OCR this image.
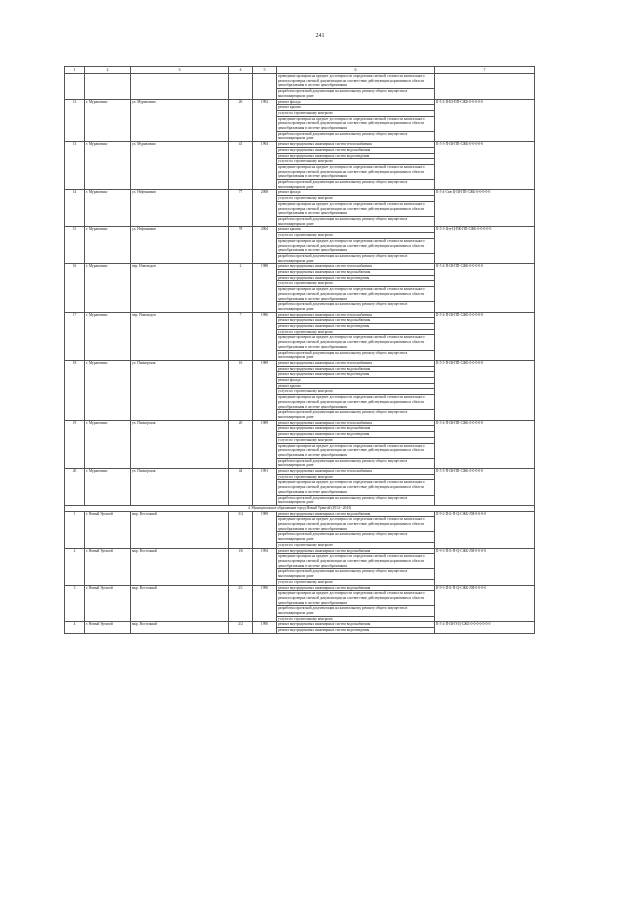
241
1	2	3	4	5	6	7
					проведение проверки на предмет достоверности определения сметной стоимости капитального ремонта проверка сметной документации на соответствие действующим нормативам в области ценообразования в системе ценообразования	
					разработка проектной документации на капитальному ремонту общего имущества в многоквартирном доме	
12	г. Муравленко	ул. Муравленко	26	1992	ремонт фасада	II-5-2-II-Ш-ПП-СЖБ-0-0-0-0-0
					ремонт крыши	
					услуги по строительному контролю	
					проведение проверки на предмет достоверности определения сметной стоимости капитального ремонта проверка сметной документации на соответствие действующим нормативам в области ценообразования в системе ценообразования	
					разработка проектной документации на капитальному ремонту общего имущества в многоквартирном доме	
13	г. Муравленко	ул. Муравленко	41	1994	ремонт внутридомовых инженерных систем теплоснабжения	II-5-5-П-Ш-ПП-СЖБ-0-0-0-0-0
					ремонт внутридомовых инженерных систем водоснабжения	
					ремонт внутридомовых инженерных систем водоотведения	
					услуги по строительному контролю	
					проведение проверки на предмет достоверности определения сметной стоимости капитального ремонта проверка сметной документации на соответствие действующим нормативам в области ценообразования в системе ценообразования	
					разработка проектной документации на капитальному ремонту общего имущества в многоквартирном доме	
14	г. Муравленко	ул. Нефтяников	77	2008	ремонт фасада	II-5-4-Скв-Ц-Ш-ПП-СЖБ-0-0-0-0-0
					услуги по строительному контролю	
					проведение проверки на предмет достоверности определения сметной стоимости капитального ремонта проверка сметной документации на соответствие действующим нормативам в области ценообразования в системе ценообразования	
					разработка проектной документации на капитальному ремонту общего имущества в многоквартирном доме	
15	г. Муравленко	ул. Нефтяников	78	2004	ремонт крыши	II-5-3-Ц-в-Ц-ПК-ПП-СЖБ-0-0-0-0-0
					услуги по строительному контролю	
					проведение проверки на предмет достоверности определения сметной стоимости капитального ремонта проверка сметной документации на соответствие действующим нормативам в области ценообразования в системе ценообразования	
					разработка проектной документации на капитальному ремонту общего имущества в многоквартирном доме	
16	г. Муравленко	пер. Нововодов	2	1988	ремонт внутридомовых инженерных систем теплоснабжения	II-5-4-П-Ш-ПП-СЖБ-0-0-0-0-0
					ремонт внутридомовых инженерных систем водоснабжения	
					ремонт внутридомовых инженерных систем водоотведения	
					услуги по строительному контролю	
					проведение проверки на предмет достоверности определения сметной стоимости капитального ремонта проверка сметной документации на соответствие действующим нормативам в области ценообразования в системе ценообразования	
					разработка проектной документации на капитальному ремонту общего имущества в многоквартирном доме	
17	г. Муравленко	пер. Нововодов	7	1986	ремонт внутридомовых инженерных систем теплоснабжения	II-5-4-П-Ш-ПП-СЖБ-0-0-0-0-0
					ремонт внутридомовых инженерных систем водоснабжения	
					ремонт внутридомовых инженерных систем водоотведения	
					услуги по строительному контролю	
					проведение проверки на предмет достоверности определения сметной стоимости капитального ремонта проверка сметной документации на соответствие действующим нормативам в области ценообразования в системе ценообразования	
					разработка проектной документации на капитальному ремонту общего имущества в многоквартирном доме	
18	г. Муравленко	ул. Пионерская	16	1989	ремонт внутридомовых инженерных систем теплоснабжения	II-5-5-П-Ш-ПП-СЖБ-0-0-0-0-0
					ремонт внутридомовых инженерных систем водоснабжения	
					ремонт внутридомовых инженерных систем водоотведения	
					ремонт фасада	
					ремонт крыши	
					услуги по строительному контролю	
					проведение проверки на предмет достоверности определения сметной стоимости капитального ремонта проверка сметной документации на соответствие действующим нормативам в области ценообразования в системе ценообразования	
					разработка проектной документации на капитальному ремонту общего имущества в многоквартирном доме	
19	г. Муравленко	ул. Пионерская	20	1989	ремонт внутридомовых инженерных систем теплоснабжения	II-5-4-П-Ш-ПП-СЖБ-0-0-0-0-0
					ремонт внутридомовых инженерных систем водоснабжения	
					ремонт внутридомовых инженерных систем водоотведения	
					услуги по строительному контролю	
					проведение проверки на предмет достоверности определения сметной стоимости капитального ремонта проверка сметной документации на соответствие действующим нормативам в области ценообразования в системе ценообразования	
					разработка проектной документации на капитальному ремонту общего имущества в многоквартирном доме	
20	г. Муравленко	ул. Пионерская	44	1991	ремонт внутридомовых инженерных систем теплоснабжения	II-5-3-П-Ш-ПП-СЖБ-0-0-0-0-0
					услуги по строительному контролю	
					проведение проверки на предмет достоверности определения сметной стоимости капитального ремонта проверка сметной документации на соответствие действующим нормативам в области ценообразования в системе ценообразования	
					разработка проектной документации на капитальному ремонту общего имущества в многоквартирном доме	
4. Муниципальное образование город Новый Уренгой (2014 - 2043)						
1	г. Новый Уренгой	мкр. Восточный	3/4	1989	ремонт внутридомовых инженерных систем водоснабжения	II-9-2-П-Б-П-Ц-СЖБ-ЛИ-0-0-0-0
					проведение проверки на предмет достоверности определения сметной стоимости капитального ремонта проверка сметной документации на соответствие действующим нормативам в области ценообразования в системе ценообразования	
					разработка проектной документации на капитальному ремонту общего имущества в многоквартирном доме	
					услуги по строительному контролю	
2	г. Новый Уренгой	мкр. Восточный	1/6	1994	ремонт внутридомовых инженерных систем водоснабжения	II-9-3-П-Б-П-Ц-СЖБ-ЛИ-0-0-0-0
					проведение проверки на предмет достоверности определения сметной стоимости капитального ремонта проверка сметной документации на соответствие действующим нормативам в области ценообразования в системе ценообразования	
					разработка проектной документации на капитальному ремонту общего имущества в многоквартирном доме	
					услуги по строительному контролю	
3	г. Новый Уренгой	мкр. Восточный	2/1	1990	ремонт внутридомовых инженерных систем водоснабжения	II-9-3-П-Б-П-Ц-СЖБ-ЛИ-0-0-0-0
					проведение проверки на предмет достоверности определения сметной стоимости капитального ремонта проверка сметной документации на соответствие действующим нормативам в области ценообразования в системе ценообразования	
					разработка проектной документации на капитальному ремонту общего имущества в многоквартирном доме	
					услуги по строительному контролю	
4	г. Новый Уренгой	мкр. Восточный	2/2	1990	ремонт внутридомовых инженерных систем водоснабжения	II-5-2-П-Ш-П-Ц-СЖБ-0-0-0-0-0-0-0
					ремонт внутридомовых инженерных систем водоотведения	
